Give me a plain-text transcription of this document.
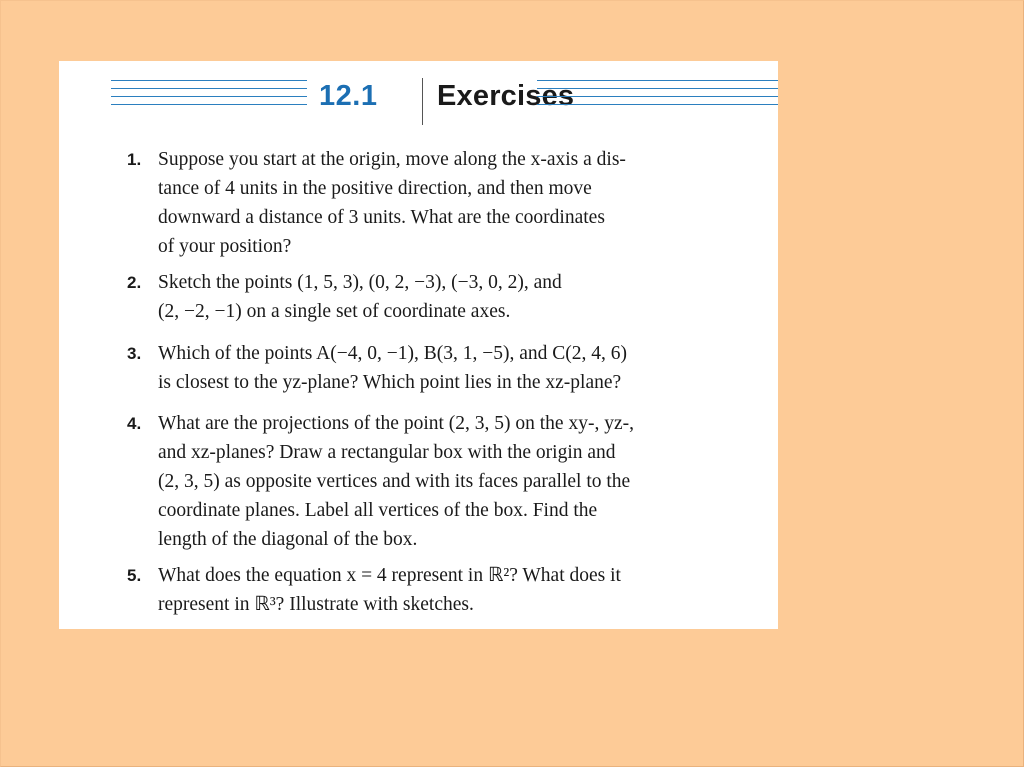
12.1 Exercises
1. Suppose you start at the origin, move along the x-axis a dis-
tance of 4 units in the positive direction, and then move
downward a distance of 3 units. What are the coordinates
of your position?
2. Sketch the points (1, 5, 3), (0, 2, −3), (−3, 0, 2), and
(2, −2, −1) on a single set of coordinate axes.
3. Which of the points A(−4, 0, −1), B(3, 1, −5), and C(2, 4, 6)
is closest to the yz-plane? Which point lies in the xz-plane?
4. What are the projections of the point (2, 3, 5) on the xy-, yz-,
and xz-planes? Draw a rectangular box with the origin and
(2, 3, 5) as opposite vertices and with its faces parallel to the
coordinate planes. Label all vertices of the box. Find the
length of the diagonal of the box.
5. What does the equation x = 4 represent in ℝ²? What does it
represent in ℝ³? Illustrate with sketches.
